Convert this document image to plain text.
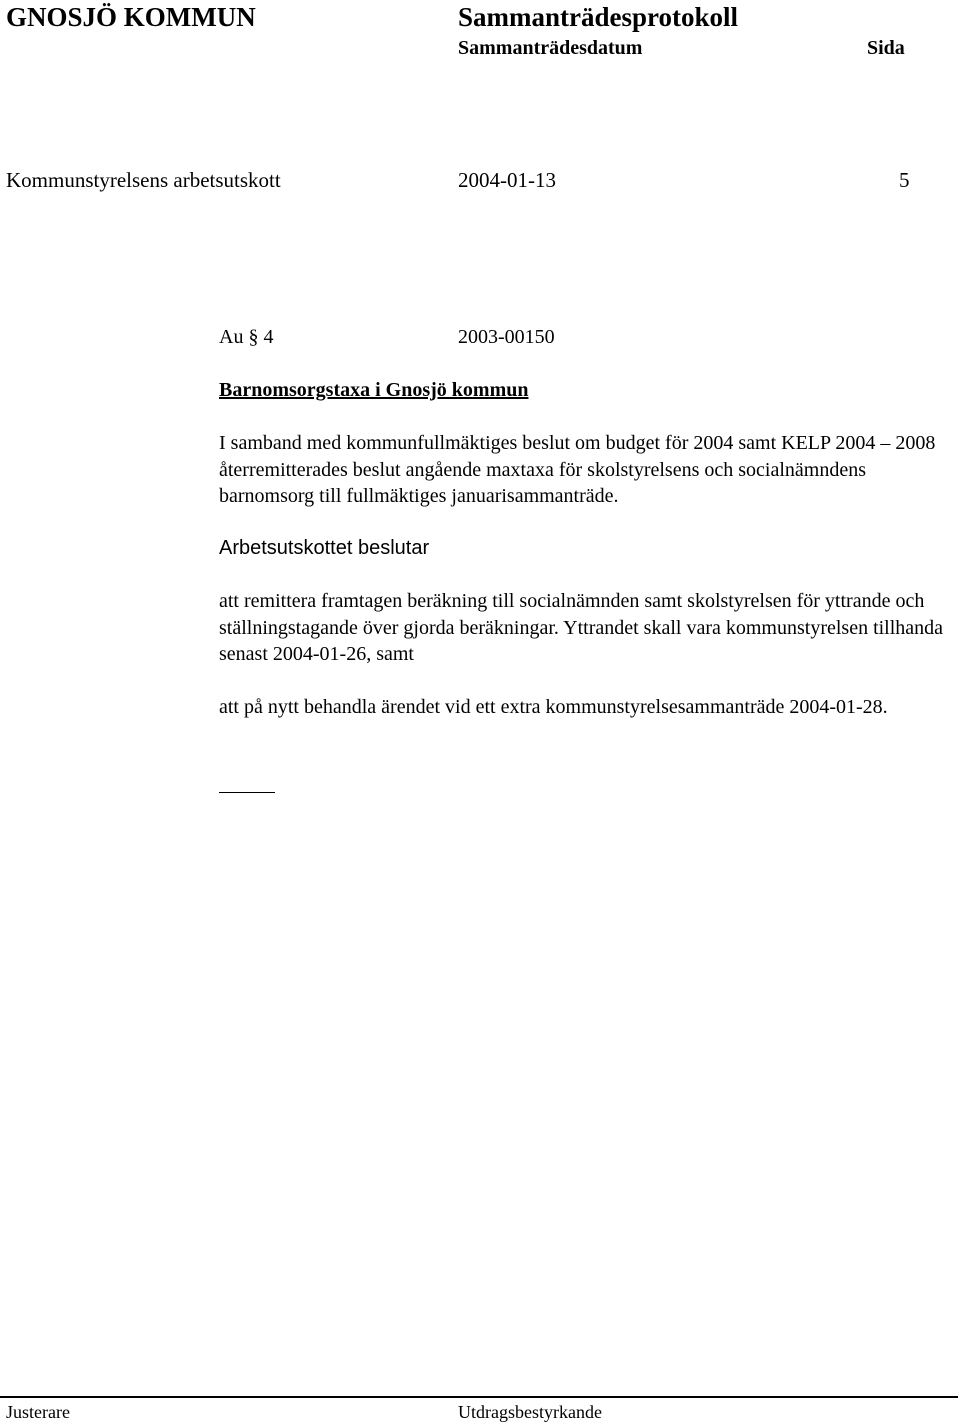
GNOSJÖ KOMMUN	Sammanträdesprotokoll
Sammanträdesdatum	Sida
Kommunstyrelsens arbetsutskott	2004-01-13	5
Au § 4	2003-00150
Barnomsorgstaxa i Gnosjö kommun
I samband med kommunfullmäktiges beslut om budget för 2004 samt KELP 2004 – 2008 återremitterades beslut angående maxtaxa för skolstyrelsens och socialnämndens barnomsorg till fullmäktiges januarisammanträde.
Arbetsutskottet beslutar
att remittera framtagen beräkning till socialnämnden samt skolstyrelsen för yttrande och ställningstagande över gjorda beräkningar. Yttrandet skall vara kommunstyrelsen tillhanda senast 2004-01-26, samt
att på nytt behandla ärendet vid ett extra kommunstyrelsesammanträde 2004-01-28.
Justerare	Utdragsbestyrkande
